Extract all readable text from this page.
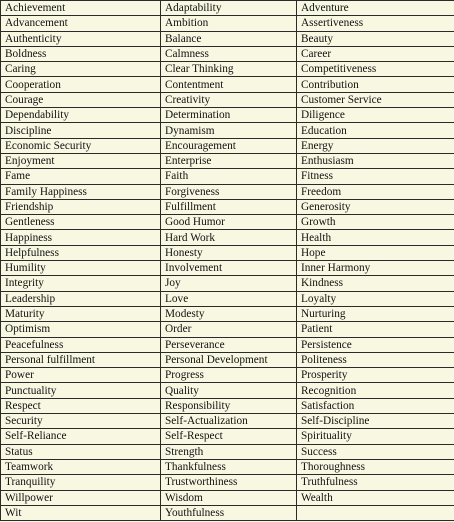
Achievement	Adaptability	Adventure
Advancement	Ambition	Assertiveness
Authenticity	Balance	Beauty
Boldness	Calmness	Career
Caring	Clear Thinking	Competitiveness
Cooperation	Contentment	Contribution
Courage	Creativity	Customer Service
Dependability	Determination	Diligence
Discipline	Dynamism	Education
Economic Security	Encouragement	Energy
Enjoyment	Enterprise	Enthusiasm
Fame	Faith	Fitness
Family Happiness	Forgiveness	Freedom
Friendship	Fulfillment	Generosity
Gentleness	Good Humor	Growth
Happiness	Hard Work	Health
Helpfulness	Honesty	Hope
Humility	Involvement	Inner Harmony
Integrity	Joy	Kindness
Leadership	Love	Loyalty
Maturity	Modesty	Nurturing
Optimism	Order	Patient
Peacefulness	Perseverance	Persistence
Personal fulfillment	Personal Development	Politeness
Power	Progress	Prosperity
Punctuality	Quality	Recognition
Respect	Responsibility	Satisfaction
Security	Self-Actualization	Self-Discipline
Self-Reliance	Self-Respect	Spirituality
Status	Strength	Success
Teamwork	Thankfulness	Thoroughness
Tranquility	Trustworthiness	Truthfulness
Willpower	Wisdom	Wealth
Wit	Youthfulness	
